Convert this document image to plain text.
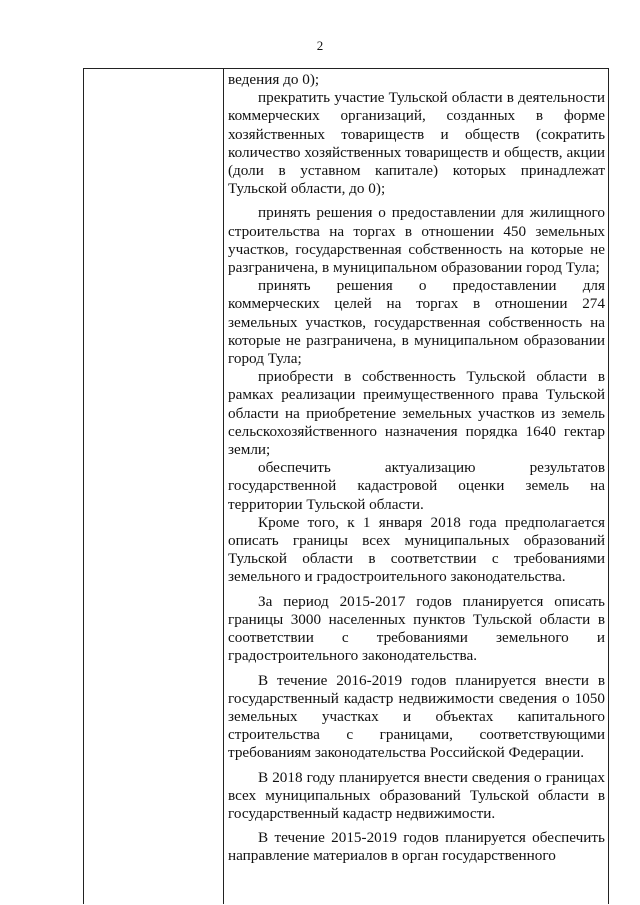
2

ведения до 0);

прекратить участие Тульской области в деятельности коммерческих организаций, созданных в форме хозяйственных товариществ и обществ (сократить количество хозяйственных товариществ и обществ, акции (доли в уставном капитале) которых принадлежат Тульской области, до 0);

принять решения о предоставлении для жилищного строительства на торгах в отношении 450 земельных участков, государственная собственность на которые не разграничена, в муниципальном образовании город Тула;

принять решения о предоставлении для коммерческих целей на торгах в отношении 274 земельных участков, государственная собственность на которые не разграничена, в муниципальном образовании город Тула;

приобрести в собственность Тульской области в рамках реализации преимущественного права Тульской области на приобретение земельных участков из земель сельскохозяйственного назначения порядка 1640 гектар земли;

обеспечить актуализацию результатов государственной кадастровой оценки земель на территории Тульской области.

Кроме того, к 1 января 2018 года предполагается описать границы всех муниципальных образований Тульской области в соответствии с требованиями земельного и градостроительного законодательства.

За период 2015-2017 годов планируется описать границы 3000 населенных пунктов Тульской области в соответствии с требованиями земельного и градостроительного законодательства.

В течение 2016-2019 годов планируется внести в государственный кадастр недвижимости сведения о 1050 земельных участках и объектах капитального строительства с границами, соответствующими требованиям законодательства Российской Федерации.

В 2018 году планируется внести сведения о границах всех муниципальных образований Тульской области в государственный кадастр недвижимости.

В течение 2015-2019 годов планируется обеспечить направление материалов в орган государственного
